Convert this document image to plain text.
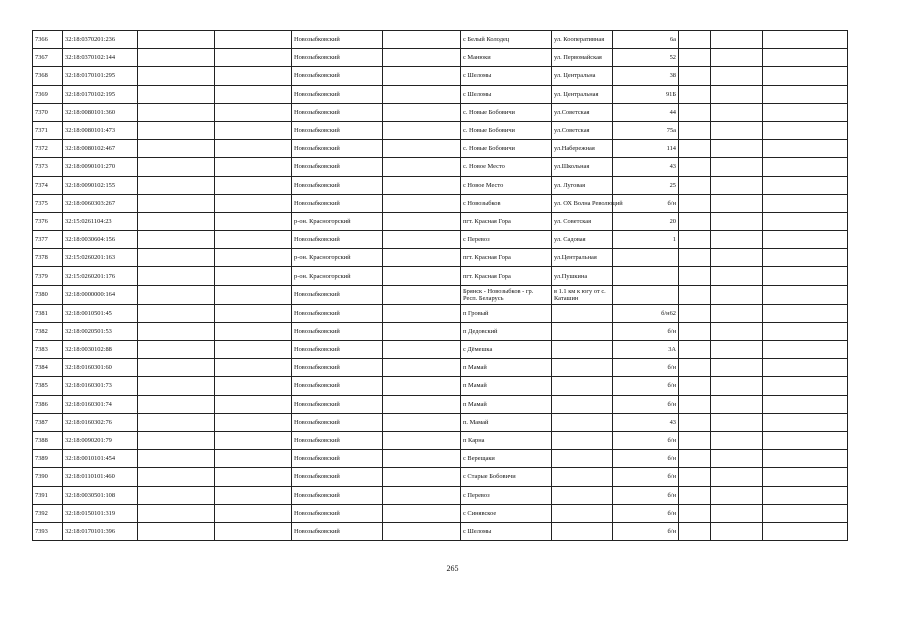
7366	32:18:0370201:236			Новозыбковский		с Белый Колодец	ул. Кооперативная	6а			
7367	32:18:0370102:144			Новозыбковский		с Манюки	ул. Первомайская	52			
7368	32:18:0170101:295			Новозыбковский		с Шеломы	ул. Центральна	38			
7369	32:18:0170102:195			Новозыбковский		с Шеломы	ул. Центральная	91Б			
7370	32:18:0080101:360			Новозыбковский		с. Новые Бобовичи	ул.Советская	44			
7371	32:18:0080101:473			Новозыбковский		с. Новые Бобовичи	ул.Советская	75а			
7372	32:18:0080102:467			Новозыбковский		с. Новые Бобовичи	ул.Набережная	114			
7373	32:18:0090101:270			Новозыбковский		с. Новое Место	ул.Школьная	43			
7374	32:18:0090102:155			Новозыбковский		с Новое Место	ул. Луговая	25			
7375	32:18:0060303:267			Новозыбковский		с Новозыбков	ул. ОХ Волна Революций	б/н			
7376	32:15:0261104:23			р-он. Красногорский		пгт. Красная Гора	ул. Советская	20			
7377	32:18:0030604:156			Новозыбковский		с Перевоз	ул. Садовая	1			
7378	32:15:0260201:163			р-он. Красногорский		пгт. Красная Гора	ул.Центральная				
7379	32:15:0260201:176			р-он. Красногорский		пгт. Красная Гора	ул.Пушкина				
7380	32:18:0000000:164			Новозыбковский		Брянск - Новозыбков - гр. Респ. Беларусь	в 1.1 км к югу от с. Каташин				
7381	32:18:0010501:45			Новозыбковский		п Гровый		б/н62			
7382	32:18:0020501:53			Новозыбковский		п Дедовский		б/н			
7383	32:18:0030102:88			Новозыбковский		с Дёмешка		3А			
7384	32:18:0160301:60			Новозыбковский		п Мамай		б/н			
7385	32:18:0160301:73			Новозыбковский		п Мамай		б/н			
7386	32:18:0160301:74			Новозыбковский		п Мамай		б/н			
7387	32:18:0160302:76			Новозыбковский		п. Мамай		43			
7388	32:18:0090201:79			Новозыбковский		п Карна		б/н			
7389	32:18:0010101:454			Новозыбковский		с Верещаки		б/н			
7390	32:18:0110101:460			Новозыбковский		с Старые Бобовичи		б/н			
7391	32:18:0030501:108			Новозыбковский		с Перевоз		б/н			
7392	32:18:0150101:319			Новозыбковский		с Синявское		б/н			
7393	32:18:0170101:396			Новозыбковский		с Шеломы		б/н			
265
